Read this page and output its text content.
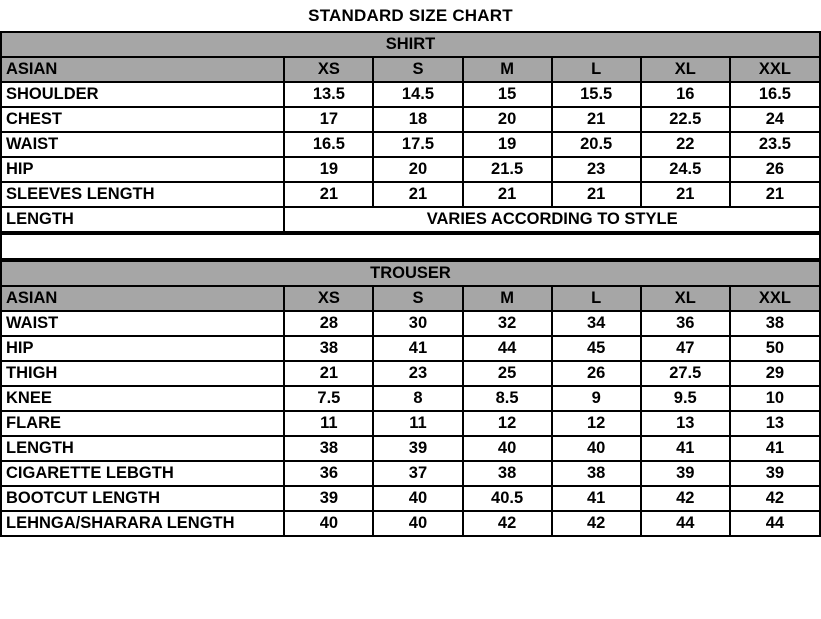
STANDARD SIZE CHART
SHIRT						
ASIAN	XS	S	M	L	XL	XXL
SHOULDER	13.5	14.5	15	15.5	16	16.5
CHEST	17	18	20	21	22.5	24
WAIST	16.5	17.5	19	20.5	22	23.5
HIP	19	20	21.5	23	24.5	26
SLEEVES LENGTH	21	21	21	21	21	21
LENGTH	VARIES ACCORDING TO STYLE					
TROUSER						
ASIAN	XS	S	M	L	XL	XXL
WAIST	28	30	32	34	36	38
HIP	38	41	44	45	47	50
THIGH	21	23	25	26	27.5	29
KNEE	7.5	8	8.5	9	9.5	10
FLARE	11	11	12	12	13	13
LENGTH	38	39	40	40	41	41
CIGARETTE LEBGTH	36	37	38	38	39	39
BOOTCUT LENGTH	39	40	40.5	41	42	42
LEHNGA/SHARARA LENGTH	40	40	42	42	44	44
